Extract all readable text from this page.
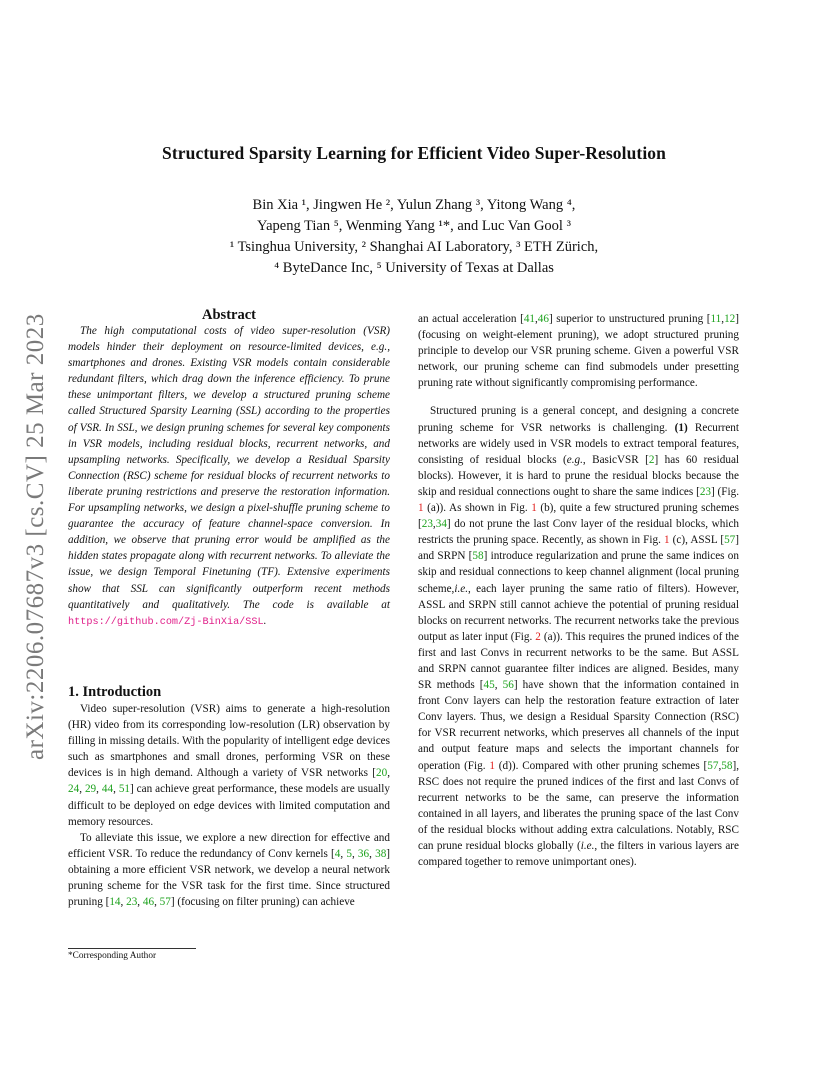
arXiv:2206.07687v3 [cs.CV] 25 Mar 2023
Structured Sparsity Learning for Efficient Video Super-Resolution
Bin Xia ¹, Jingwen He ², Yulun Zhang ³, Yitong Wang ⁴,
Yapeng Tian ⁵, Wenming Yang ¹*, and Luc Van Gool ³
¹ Tsinghua University, ² Shanghai AI Laboratory, ³ ETH Zürich,
⁴ ByteDance Inc, ⁵ University of Texas at Dallas
Abstract
The high computational costs of video super-resolution (VSR) models hinder their deployment on resource-limited devices, e.g., smartphones and drones. Existing VSR models contain considerable redundant filters, which drag down the inference efficiency. To prune these unimportant filters, we develop a structured pruning scheme called Structured Sparsity Learning (SSL) according to the properties of VSR. In SSL, we design pruning schemes for several key components in VSR models, including residual blocks, recurrent networks, and upsampling networks. Specifically, we develop a Residual Sparsity Connection (RSC) scheme for residual blocks of recurrent networks to liberate pruning restrictions and preserve the restoration information. For upsampling networks, we design a pixel-shuffle pruning scheme to guarantee the accuracy of feature channel-space conversion. In addition, we observe that pruning error would be amplified as the hidden states propagate along with recurrent networks. To alleviate the issue, we design Temporal Finetuning (TF). Extensive experiments show that SSL can significantly outperform recent methods quantitatively and qualitatively. The code is available at https://github.com/Zj-BinXia/SSL.
1. Introduction

Video super-resolution (VSR) aims to generate a high-resolution (HR) video from its corresponding low-resolution (LR) observation by filling in missing details. With the popularity of intelligent edge devices such as smartphones and small drones, performing VSR on these devices is in high demand. Although a variety of VSR networks [20, 24, 29, 44, 51] can achieve great performance, these models are usually difficult to be deployed on edge devices with limited computation and memory resources.

To alleviate this issue, we explore a new direction for effective and efficient VSR. To reduce the redundancy of Conv kernels [4, 5, 36, 38] obtaining a more efficient VSR network, we develop a neural network pruning scheme for the VSR task for the first time. Since structured pruning [14, 23, 46, 57] (focusing on filter pruning) can achieve

*Corresponding Author

an actual acceleration [41,46] superior to unstructured pruning [11,12] (focusing on weight-element pruning), we adopt structured pruning principle to develop our VSR pruning scheme. Given a powerful VSR network, our pruning scheme can find submodels under presetting pruning rate without significantly compromising performance.

Structured pruning is a general concept, and designing a concrete pruning scheme for VSR networks is challenging. (1) Recurrent networks are widely used in VSR models to extract temporal features, consisting of residual blocks (e.g., BasicVSR [2] has 60 residual blocks). However, it is hard to prune the residual blocks because the skip and residual connections ought to share the same indices [23] (Fig. 1 (a)). As shown in Fig. 1 (b), quite a few structured pruning schemes [23,34] do not prune the last Conv layer of the residual blocks, which restricts the pruning space. Recently, as shown in Fig. 1 (c), ASSL [57] and SRPN [58] introduce regularization and prune the same indices on skip and residual connections to keep channel alignment (local pruning scheme,i.e., each layer pruning the same ratio of filters). However, ASSL and SRPN still cannot achieve the potential of pruning residual blocks on recurrent networks. The recurrent networks take the previous output as later input (Fig. 2 (a)). This requires the pruned indices of the first and last Convs in recurrent networks to be the same. But ASSL and SRPN cannot guarantee filter indices are aligned. Besides, many SR methods [45, 56] have shown that the information contained in front Conv layers can help the restoration feature extraction of later Conv layers. Thus, we design a Residual Sparsity Connection (RSC) for VSR recurrent networks, which preserves all channels of the input and output feature maps and selects the important channels for operation (Fig. 1 (d)). Compared with other pruning schemes [57,58], RSC does not require the pruned indices of the first and last Convs of recurrent networks to be the same, can preserve the information contained in all layers, and liberates the pruning space of the last Conv of the residual blocks without adding extra calculations. Notably, RSC can prune residual blocks globally (i.e., the filters in various layers are compared together to remove unimportant ones).
